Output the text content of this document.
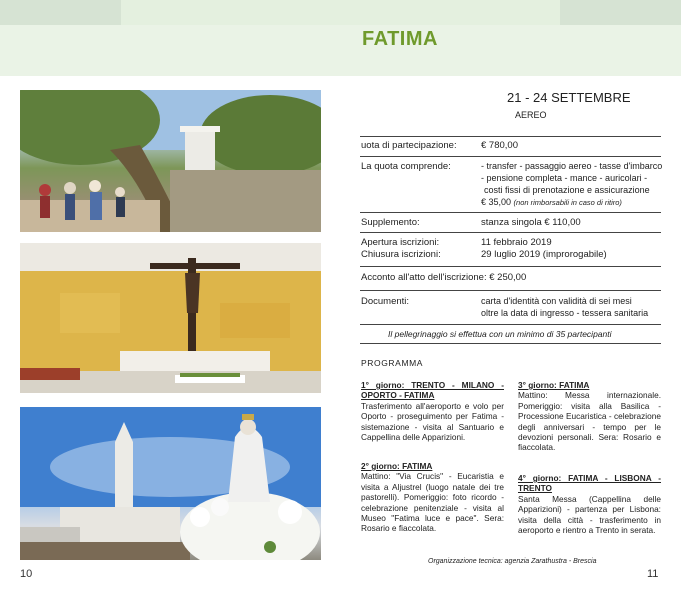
FATIMA
10	11
21 - 24 SETTEMBRE
AEREO
uota di partecipazione:	€ 780,00
La quota comprende:	- transfer - passaggio aereo - tasse d'imbarco
- pensione completa - mance - auricolari -
costi fissi di prenotazione e assicurazione
€ 35,00 (non rimborsabili in caso di ritiro)
Supplemento:	stanza singola € 110,00
Apertura iscrizioni:	11 febbraio 2019
Chiusura iscrizioni:	29 luglio 2019 (improrogabile)
Acconto all'atto dell'iscrizione: € 250,00
Documenti:	carta d'identità con validità di sei mesi
oltre la data di ingresso - tessera sanitaria
Il pellegrinaggio si effettua con un minimo di 35 partecipanti
PROGRAMMA
1° giorno: TRENTO - MILANO - OPORTO - FATIMA
Trasferimento all'aeroporto e volo per Oporto - proseguimento per Fatima - sistemazione - visita al Santuario e Cappellina delle Apparizioni.
2° giorno: FATIMA
Mattino: "Via Crucis" - Eucaristia e visita a Aljustrel (luogo natale dei tre pastorelli). Pomeriggio: foto ricordo - celebrazione penitenziale - visita al Museo "Fatima luce e pace". Sera: Rosario e fiaccolata.
3° giorno: FATIMA
Mattino: Messa internazionale. Pomeriggio: visita alla Basilica - Processione Eucaristica - celebrazione degli anniversari - tempo per le devozioni personali. Sera: Rosario e fiaccolata.
4° giorno: FATIMA - LISBONA - TRENTO
Santa Messa (Cappellina delle Apparizioni) - partenza per Lisbona: visita della città - trasferimento in aeroporto e rientro a Trento in serata.
Organizzazione tecnica: agenzia Zarathustra - Brescia
